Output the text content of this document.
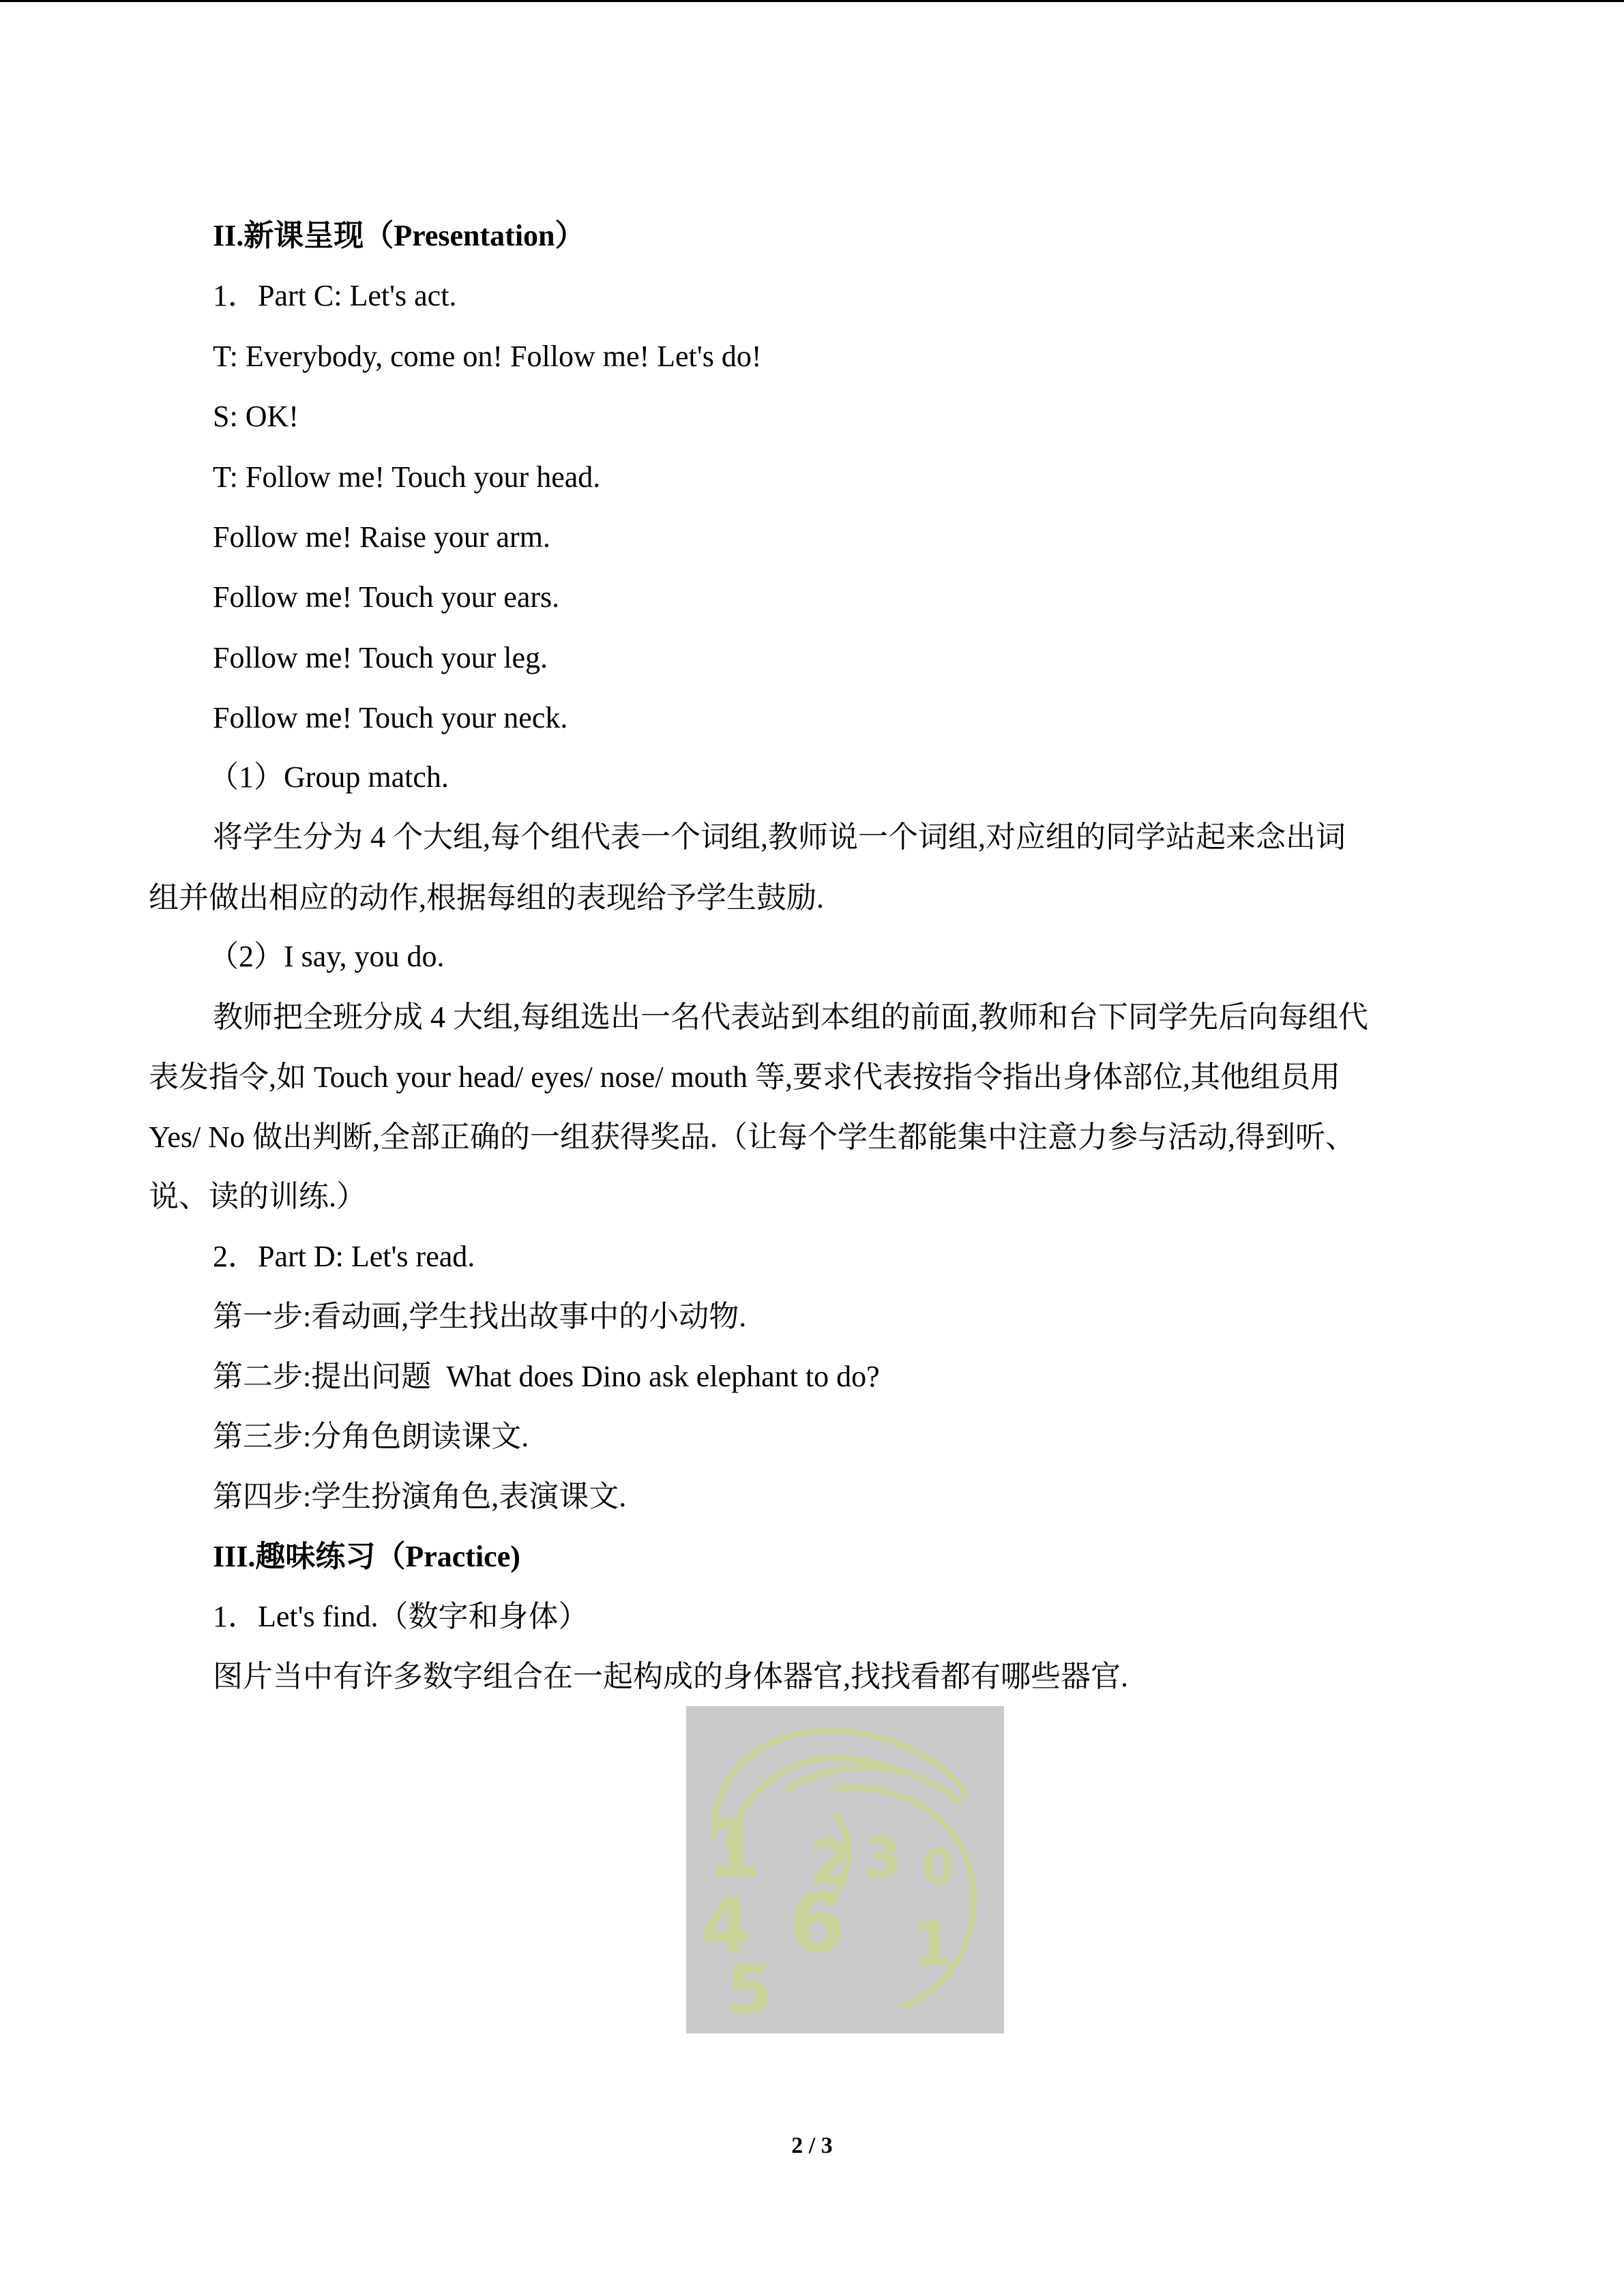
II.新课呈现（Presentation）
1．Part C: Let's act.
T: Everybody, come on! Follow me! Let's do!
S: OK!
T: Follow me! Touch your head.
Follow me! Raise your arm.
Follow me! Touch your ears.
Follow me! Touch your leg.
Follow me! Touch your neck.
（1）Group match.
将学生分为 4 个大组,每个组代表一个词组,教师说一个词组,对应组的同学站起来念出词
组并做出相应的动作,根据每组的表现给予学生鼓励.
（2）I say, you do.
教师把全班分成 4 大组,每组选出一名代表站到本组的前面,教师和台下同学先后向每组代
表发指令,如 Touch your head/ eyes/ nose/ mouth 等,要求代表按指令指出身体部位,其他组员用
Yes/ No 做出判断,全部正确的一组获得奖品.（让每个学生都能集中注意力参与活动,得到听、
说、读的训练.）
2．Part D: Let's read.
第一步:看动画,学生找出故事中的小动物.
第二步:提出问题 What does Dino ask elephant to do? 
第三步:分角色朗读课文.
第四步:学生扮演角色,表演课文.
III.趣味练习（Practice)
1．Let's find.（数字和身体）
图片当中有许多数字组合在一起构成的身体器官,找找看都有哪些器官.
1
4
5
6
2 3
1
0
2 / 3
